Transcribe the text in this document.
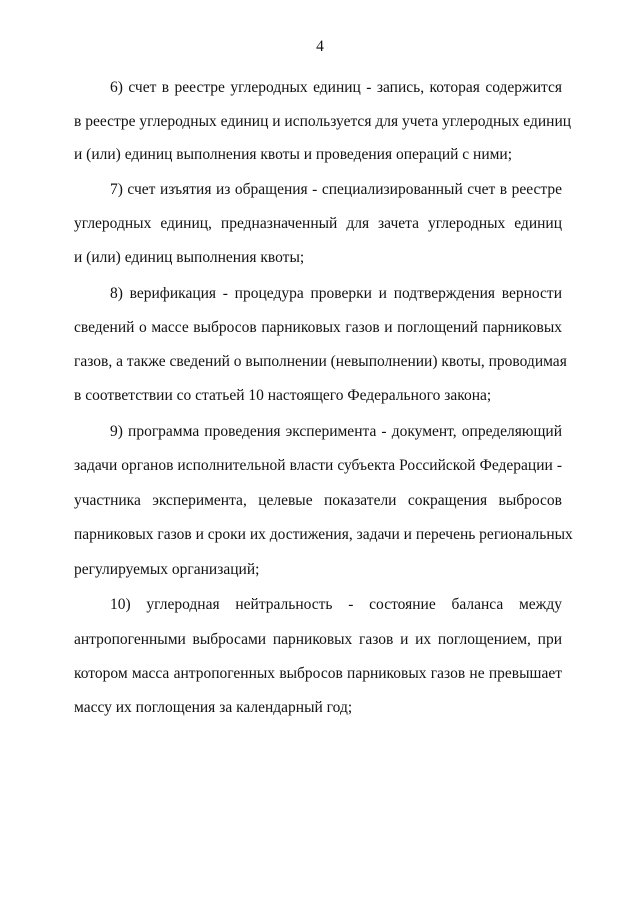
4
6) счет в реестре углеродных единиц - запись, которая содержится
в реестре углеродных единиц и используется для учета углеродных единиц
и (или) единиц выполнения квоты и проведения операций с ними;
7) счет изъятия из обращения - специализированный счет в реестре
углеродных единиц, предназначенный для зачета углеродных единиц
и (или) единиц выполнения квоты;
8) верификация - процедура проверки и подтверждения верности
сведений о массе выбросов парниковых газов и поглощений парниковых
газов, а также сведений о выполнении (невыполнении) квоты, проводимая
в соответствии со статьей 10 настоящего Федерального закона;
9) программа проведения эксперимента - документ, определяющий
задачи органов исполнительной власти субъекта Российской Федерации -
участника эксперимента, целевые показатели сокращения выбросов
парниковых газов и сроки их достижения, задачи и перечень региональных
регулируемых организаций;
10) углеродная нейтральность - состояние баланса между
антропогенными выбросами парниковых газов и их поглощением, при
котором масса антропогенных выбросов парниковых газов не превышает
массу их поглощения за календарный год;
